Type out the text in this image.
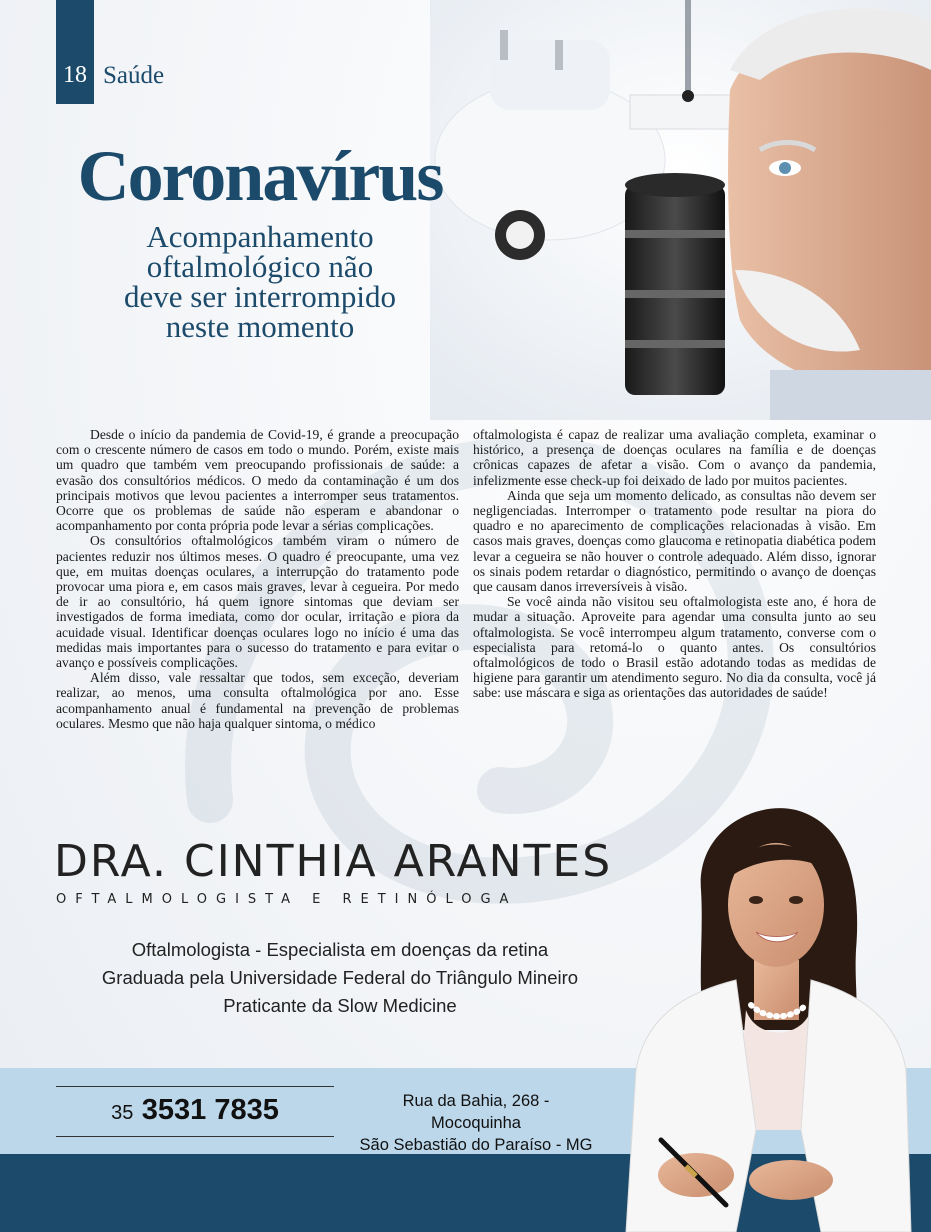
18 Saúde
Coronavírus
Acompanhamento
oftalmológico não
deve ser interrompido
neste momento

Desde o início da pandemia de Covid-19, é grande a preocupação com o crescente número de casos em todo o mundo. Porém, existe mais um quadro que também vem preocupando profissionais de saúde: a evasão dos consultórios médicos. O medo da contaminação é um dos principais motivos que levou pacientes a interromper seus tratamentos. Ocorre que os problemas de saúde não esperam e abandonar o acompanhamento por conta própria pode levar a sérias complicações.

Os consultórios oftalmológicos também viram o número de pacientes reduzir nos últimos meses. O quadro é preocupante, uma vez que, em muitas doenças oculares, a interrupção do tratamento pode provocar uma piora e, em casos mais graves, levar à cegueira. Por medo de ir ao consultório, há quem ignore sintomas que deviam ser investigados de forma imediata, como dor ocular, irritação e piora da acuidade visual. Identificar doenças oculares logo no início é uma das medidas mais importantes para o sucesso do tratamento e para evitar o avanço e possíveis complicações.

Além disso, vale ressaltar que todos, sem exceção, deveriam realizar, ao menos, uma consulta oftalmológica por ano. Esse acompanhamento anual é fundamental na prevenção de problemas oculares. Mesmo que não haja qualquer sintoma, o médico

oftalmologista é capaz de realizar uma avaliação completa, examinar o histórico, a presença de doenças oculares na família e de doenças crônicas capazes de afetar a visão. Com o avanço da pandemia, infelizmente esse check-up foi deixado de lado por muitos pacientes.

Ainda que seja um momento delicado, as consultas não devem ser negligenciadas. Interromper o tratamento pode resultar na piora do quadro e no aparecimento de complicações relacionadas à visão. Em casos mais graves, doenças como glaucoma e retinopatia diabética podem levar a cegueira se não houver o controle adequado. Além disso, ignorar os sinais podem retardar o diagnóstico, permitindo o avanço de doenças que causam danos irreversíveis à visão.

Se você ainda não visitou seu oftalmologista este ano, é hora de mudar a situação. Aproveite para agendar uma consulta junto ao seu oftalmologista. Se você interrompeu algum tratamento, converse com o especialista para retomá-lo o quanto antes. Os consultórios oftalmológicos de todo o Brasil estão adotando todas as medidas de higiene para garantir um atendimento seguro. No dia da consulta, você já sabe: use máscara e siga as orientações das autoridades de saúde!

DRA. CINTHIA ARANTES
OFTALMOLOGISTA E RETINÓLOGA
Oftalmologista - Especialista em doenças da retina
Graduada pela Universidade Federal do Triângulo Mineiro
Praticante da Slow Medicine
35 3531 7835	Rua da Bahia, 268 - Mocoquinha
São Sebastião do Paraíso - MG
